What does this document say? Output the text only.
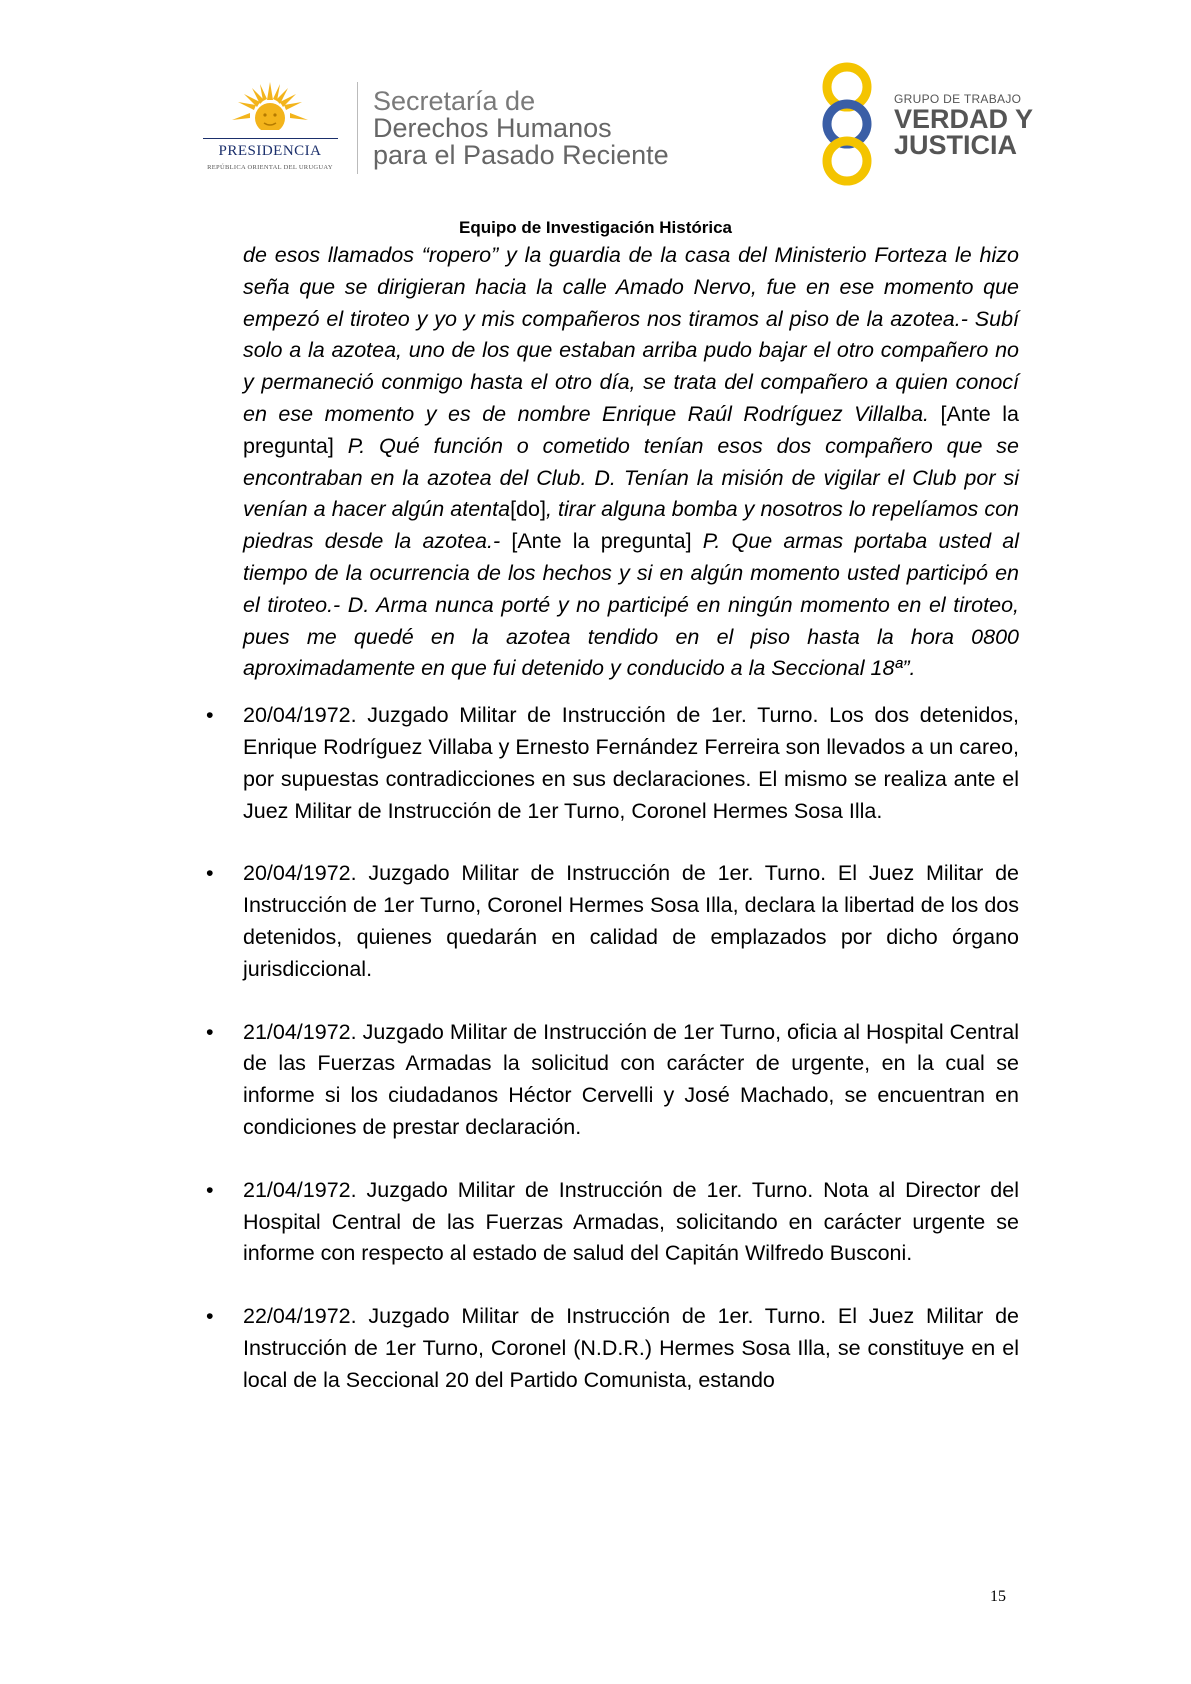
PRESIDENCIA
REPÚBLICA ORIENTAL DEL URUGUAY
Secretaría de
Derechos Humanos
para el Pasado Reciente
GRUPO DE TRABAJO
VERDAD Y
JUSTICIA
Equipo de Investigación Histórica

de esos llamados “ropero” y la guardia de la casa del Ministerio Forteza le hizo seña que se dirigieran hacia la calle Amado Nervo, fue en ese momento que empezó el tiroteo y yo y mis compañeros nos tiramos al piso de la azotea.- Subí solo a la azotea, uno de los que estaban arriba pudo bajar el otro compañero no y permaneció conmigo hasta el otro día, se trata del compañero a quien conocí en ese momento y es de nombre Enrique Raúl Rodríguez Villalba. [Ante la pregunta] P. Qué función o cometido tenían esos dos compañero que se encontraban en la azotea del Club. D. Tenían la misión de vigilar el Club por si venían a hacer algún atenta[do], tirar alguna bomba y nosotros lo repelíamos con piedras desde la azotea.- [Ante la pregunta] P. Que armas portaba usted al tiempo de la ocurrencia de los hechos y si en algún momento usted participó en el tiroteo.- D. Arma nunca porté y no participé en ningún momento en el tiroteo, pues me quedé en la azotea tendido en el piso hasta la hora 0800 aproximadamente en que fui detenido y conducido a la Seccional 18ª”.

• 20/04/1972. Juzgado Militar de Instrucción de 1er. Turno. Los dos detenidos, Enrique Rodríguez Villaba y Ernesto Fernández Ferreira son llevados a un careo, por supuestas contradicciones en sus declaraciones. El mismo se realiza ante el Juez Militar de Instrucción de 1er Turno, Coronel Hermes Sosa Illa.
• 20/04/1972. Juzgado Militar de Instrucción de 1er. Turno. El Juez Militar de Instrucción de 1er Turno, Coronel Hermes Sosa Illa, declara la libertad de los dos detenidos, quienes quedarán en calidad de emplazados por dicho órgano jurisdiccional.
• 21/04/1972. Juzgado Militar de Instrucción de 1er Turno, oficia al Hospital Central de las Fuerzas Armadas la solicitud con carácter de urgente, en la cual se informe si los ciudadanos Héctor Cervelli y José Machado, se encuentran en condiciones de prestar declaración.
• 21/04/1972. Juzgado Militar de Instrucción de 1er. Turno. Nota al Director del Hospital Central de las Fuerzas Armadas, solicitando en carácter urgente se informe con respecto al estado de salud del Capitán Wilfredo Busconi.
• 22/04/1972. Juzgado Militar de Instrucción de 1er. Turno. El Juez Militar de Instrucción de 1er Turno, Coronel (N.D.R.) Hermes Sosa Illa, se constituye en el local de la Seccional 20 del Partido Comunista, estando
15
